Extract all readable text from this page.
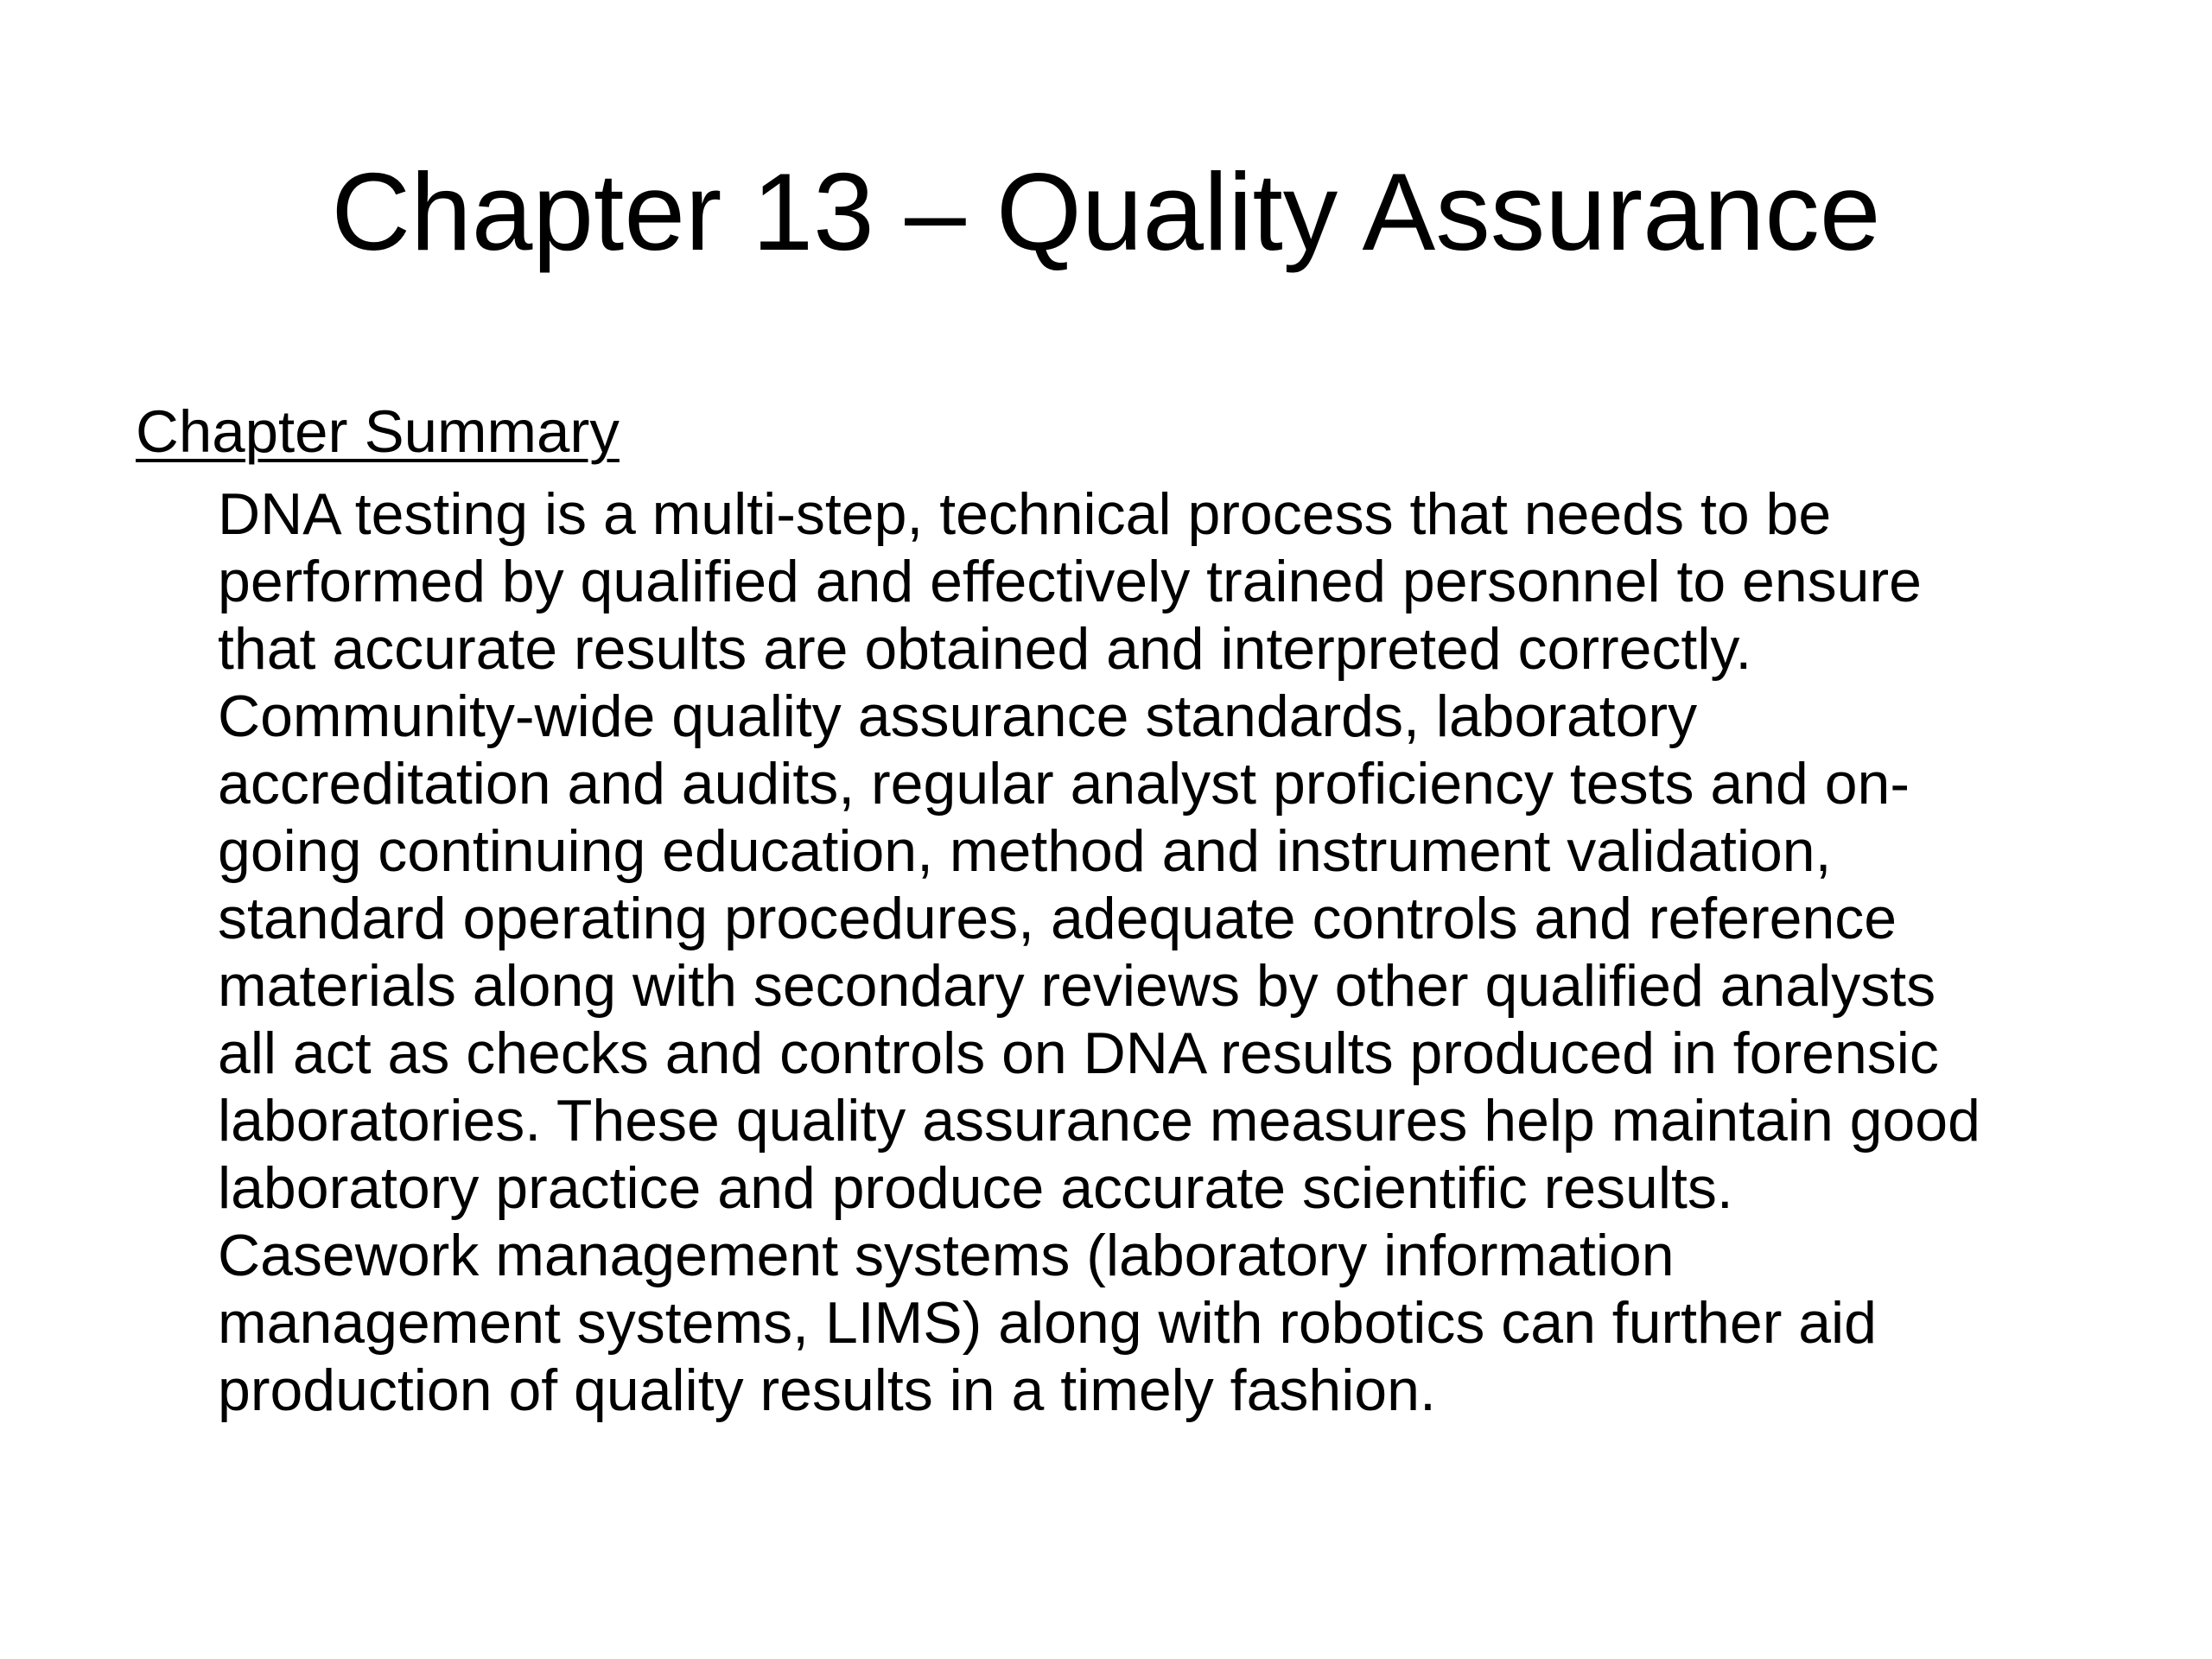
Chapter 13 – Quality Assurance
Chapter Summary
DNA testing is a multi-step, technical process that needs to be
performed by qualified and effectively trained personnel to ensure
that accurate results are obtained and interpreted correctly.
Community-wide quality assurance standards, laboratory
accreditation and audits, regular analyst proficiency tests and on-
going continuing education, method and instrument validation,
standard operating procedures, adequate controls and reference
materials along with secondary reviews by other qualified analysts
all act as checks and controls on DNA results produced in forensic
laboratories. These quality assurance measures help maintain good
laboratory practice and produce accurate scientific results.
Casework management systems (laboratory information
management systems, LIMS) along with robotics can further aid
production of quality results in a timely fashion.
